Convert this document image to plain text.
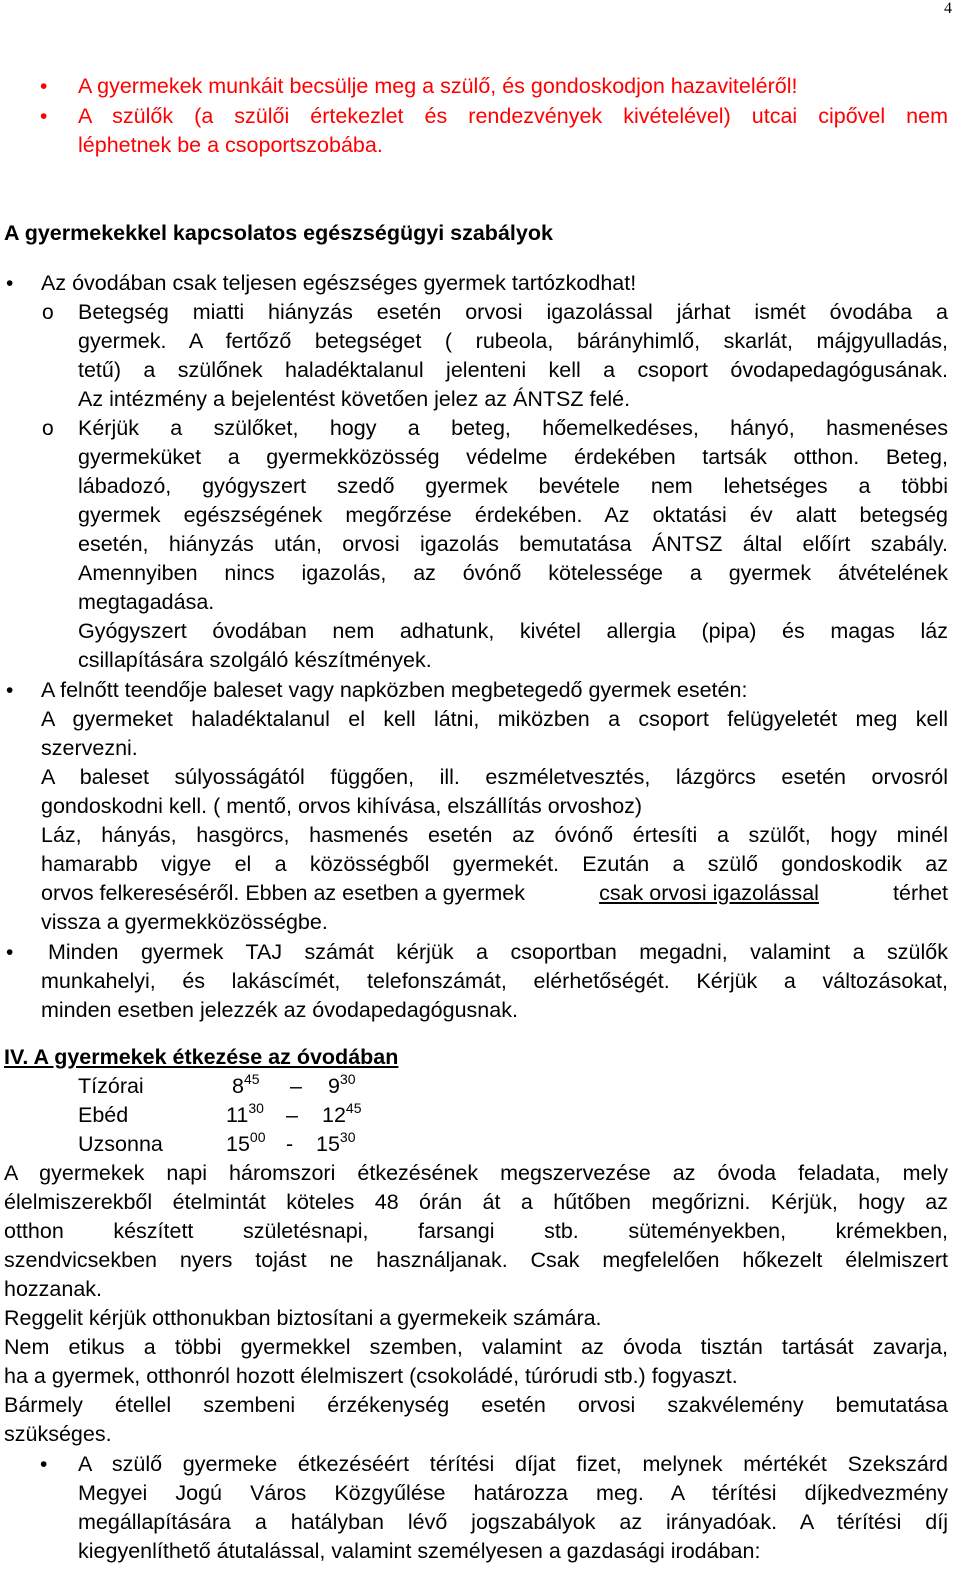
4
• A gyermekek munkáit becsülje meg a szülő, és gondoskodjon hazaviteléről!
• A szülők (a szülői értekezlet és rendezvények kivételével) utcai cipővel nem
léphetnek be a csoportszobába.
A gyermekekkel kapcsolatos egészségügyi szabályok
• Az óvodában csak teljesen egészséges gyermek tartózkodhat!
o Betegség miatti hiányzás esetén orvosi igazolással járhat ismét óvodába a
gyermek. A fertőző betegséget ( rubeola, bárányhimlő, skarlát, májgyulladás,
tetű) a szülőnek haladéktalanul jelenteni kell a csoport óvodapedagógusának.
Az intézmény a bejelentést követően jelez az ÁNTSZ felé.
o Kérjük a szülőket, hogy a beteg, hőemelkedéses, hányó, hasmenéses
gyermeküket a gyermekközösség védelme érdekében tartsák otthon. Beteg,
lábadozó, gyógyszert szedő gyermek bevétele nem lehetséges a többi
gyermek egészségének megőrzése érdekében. Az oktatási év alatt betegség
esetén, hiányzás után, orvosi igazolás bemutatása ÁNTSZ által előírt szabály.
Amennyiben nincs igazolás, az óvónő kötelessége a gyermek átvételének
megtagadása.
Gyógyszert óvodában nem adhatunk, kivétel allergia (pipa) és magas láz
csillapítására szolgáló készítmények.
• A felnőtt teendője baleset vagy napközben megbetegedő gyermek esetén:
A gyermeket haladéktalanul el kell látni, miközben a csoport felügyeletét meg kell
szervezni.
A baleset súlyosságától függően, ill. eszméletvesztés, lázgörcs esetén orvosról
gondoskodni kell. ( mentő, orvos kihívása, elszállítás orvoshoz)
Láz, hányás, hasgörcs, hasmenés esetén az óvónő értesíti a szülőt, hogy minél
hamarabb vigye el a közösségből gyermekét. Ezután a szülő gondoskodik az
orvos felkereséséről. Ebben az esetben a gyermek	csak orvosi igazolással	térhet
vissza a gyermekközösségbe.
• Minden gyermek TAJ számát kérjük a csoportban megadni, valamint a szülők
munkahelyi, és lakáscímét, telefonszámát, elérhetőségét. Kérjük a változásokat,
minden esetben jelezzék az óvodapedagógusnak.
IV. A gyermekek étkezése az óvodában
Tízórai	$8^{45} - 9^{30}$
Ebéd	$11^{30} - 12^{45}$
Uzsonna	$15^{00} - 15^{30}$
A gyermekek napi háromszori étkezésének megszervezése az óvoda feladata, mely
élelmiszerekből ételmintát köteles 48 órán át a hűtőben megőrizni. Kérjük, hogy az
otthon készített születésnapi, farsangi stb. süteményekben, krémekben,
szendvicsekben nyers tojást ne használjanak. Csak megfelelően hőkezelt élelmiszert
hozzanak.
Reggelit kérjük otthonukban biztosítani a gyermekeik számára.
Nem etikus a többi gyermekkel szemben, valamint az óvoda tisztán tartását zavarja,
ha a gyermek, otthonról hozott élelmiszert (csokoládé, túrórudi stb.) fogyaszt.
Bármely étellel szembeni érzékenység esetén orvosi szakvélemény bemutatása
szükséges.
• A szülő gyermeke étkezéséért térítési díjat fizet, melynek mértékét Szekszárd
Megyei Jogú Város Közgyűlése határozza meg. A térítési díjkedvezmény
megállapítására a hatályban lévő jogszabályok az irányadóak. A térítési díj
kiegyenlíthető átutalással, valamint személyesen a gazdasági irodában:
